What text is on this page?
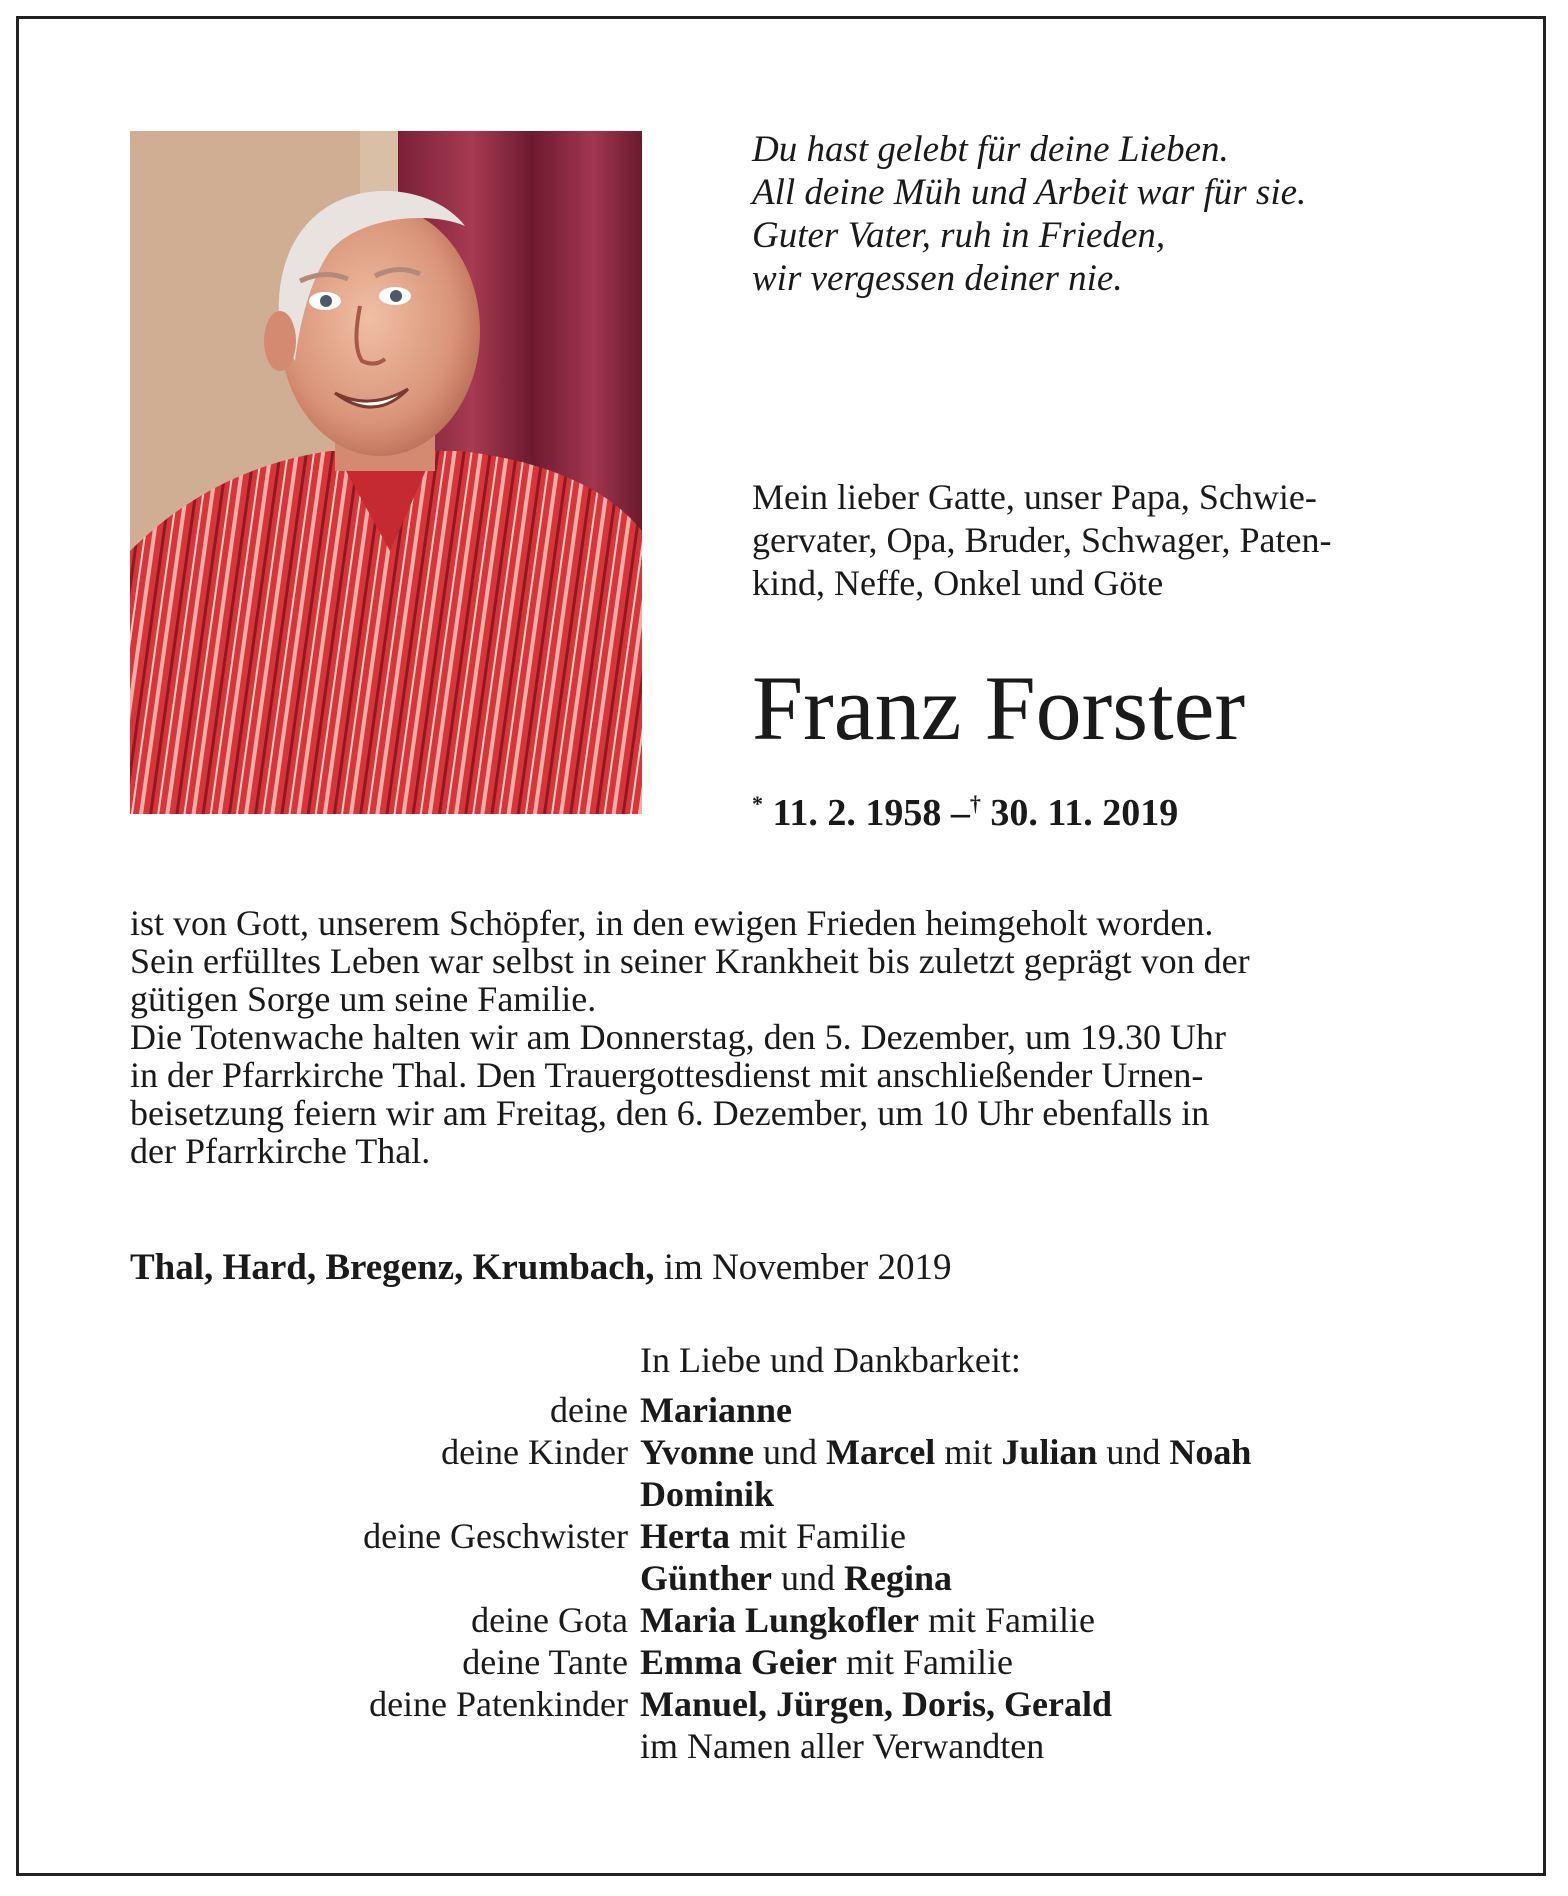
Du hast gelebt für deine Lieben.
All deine Müh und Arbeit war für sie.
Guter Vater, ruh in Frieden,
wir vergessen deiner nie.
Mein lieber Gatte, unser Papa, Schwie-
gervater, Opa, Bruder, Schwager, Paten-
kind, Neffe, Onkel und Göte
Franz Forster
* 11. 2. 1958 –† 30. 11. 2019
ist von Gott, unserem Schöpfer, in den ewigen Frieden heimgeholt worden.
Sein erfülltes Leben war selbst in seiner Krankheit bis zuletzt geprägt von der
gütigen Sorge um seine Familie.
Die Totenwache halten wir am Donnerstag, den 5. Dezember, um 19.30 Uhr
in der Pfarrkirche Thal. Den Trauergottesdienst mit anschließender Urnen-
beisetzung feiern wir am Freitag, den 6. Dezember, um 10 Uhr ebenfalls in
der Pfarrkirche Thal.
Thal, Hard, Bregenz, Krumbach, im November 2019
In Liebe und Dankbarkeit:
deine Marianne
deine Kinder Yvonne und Marcel mit Julian und Noah
Dominik
deine Geschwister Herta mit Familie
Günther und Regina
deine Gota Maria Lungkofler mit Familie
deine Tante Emma Geier mit Familie
deine Patenkinder Manuel, Jürgen, Doris, Gerald
im Namen aller Verwandten
